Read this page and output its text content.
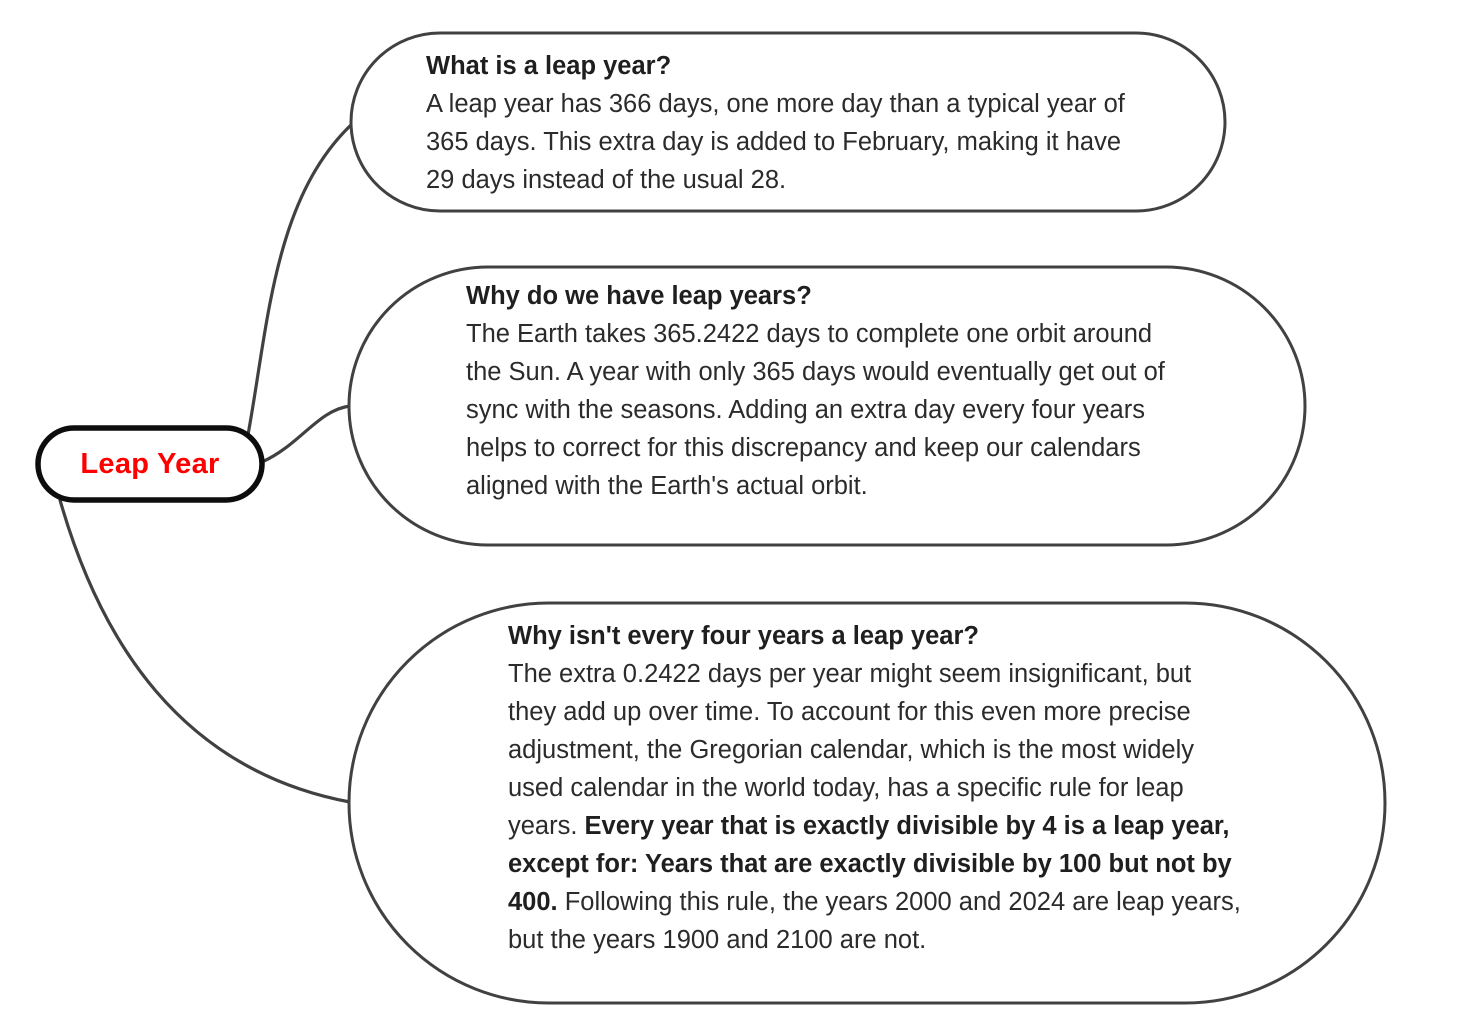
Leap Year
What is a leap year?
A leap year has 366 days, one more day than a typical year of 365 days. This extra day is added to February, making it have 29 days instead of the usual 28.
Why do we have leap years?
The Earth takes 365.2422 days to complete one orbit around the Sun. A year with only 365 days would eventually get out of sync with the seasons. Adding an extra day every four years helps to correct for this discrepancy and keep our calendars aligned with the Earth's actual orbit.
Why isn't every four years a leap year?
The extra 0.2422 days per year might seem insignificant, but they add up over time. To account for this even more precise adjustment, the Gregorian calendar, which is the most widely used calendar in the world today, has a specific rule for leap years. Every year that is exactly divisible by 4 is a leap year, except for: Years that are exactly divisible by 100 but not by 400. Following this rule, the years 2000 and 2024 are leap years, but the years 1900 and 2100 are not.
